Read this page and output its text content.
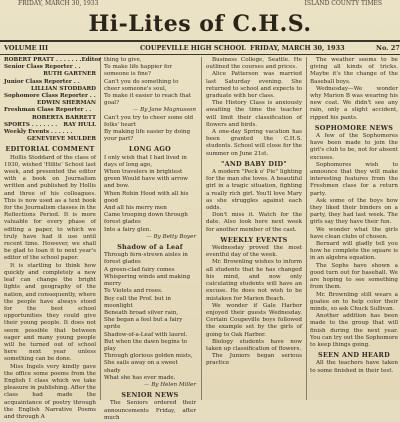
FRIDAY, MARCH 30, 1933	ISLAND COUNTY TIMES
Hi-Lites of C.H.S.
VOLUME III	COUPEVILLE HIGH SCHOOL FRIDAY, MARCH 30, 1933	No. 27
ROBERT PRATT . . . . . . . Editor
Senior Class Reporter . .
RUTH GARTNER
Junior Class Reporter . .
LILLIAN STODDARD
Sophomore Class Reporter . .
EDWIN SHERMAN
Freshman Class Reporter . .
ROBERTA BARRETT
SPORTS . . . . . . . RAY HULL
Weekly Events . . . . . .
GENEVIEVE MULDER
EDITORIAL COMMENT

Hollis Stoddard of the class of 1930, wished 'Hilite' School last week, and presented the editor with a book on Journalism written and published by Hollis and three of his colleagues. This is now used as a text book for the Journalism classes in the Reflections Period. It is more valuable for every phase of editing a paper, to which we truly have had it use until recent time. However, we shall be glad to loan it to next year's editor of the school paper.

It is startling to think how quickly and completely a new leaf can change the bright lights and geography of the nation, and consequently, where the people have always stood for the best school opportunities they could give their young people. It does not seem possible that between eager and many young people will be turned out of school here next year unless something can be done.

Miss Ingels very kindly gave the office some poems from the English I class which we take pleasure in publishing. After the class had made the acquaintance of poetry through the English Narrative Poems and through A

thing to give,

To make life happier for someone is fine?

Can't you do something to cheer someone's soul,

To make it easier to reach that goal?

— By Jane Magnusson

Can't you try to cheer some old folks' heart

By making life easier by doing your part?

LONG AGO

I only wish that I had lived in days of long ago,

When travelers in brightest green Would have with arrow and bow.

When Robin Hood with all his good

And all his merry men

Came trooping down through forest glades

Into a fairy glen.

— By Betty Boyer
Shadow of a Leaf

Through fern-strewn aisles in forest glades

A green-clad fairy comes

Whispering winds and making merry

To Violets and roses.

Boy call the Prof. but in moonlight

Beneath broad silver rain,

She began a feel but a fairy sprite

Shadow-of-a-Leaf with laurel.

But when the dawn begins to play

Through glorious golden mists,

She sails away on a sweet shady

What she has ever made.

— By Helen Miller
SENIOR NEWS

The Seniors ordered their announcements Friday, after much

Business College, Seattle. He outlined the courses and prices.

Alice Patterson was married last Saturday evening. She returned to school and expects to graduate with her class.

The History Class is anxiously awaiting the time the teacher will limit their classification of flowers and birds.

A one-day Spring vacation has been granted the C.H.S. students. School will close for the summer on June 21st.

"AND BABY DID"

A modern "Peck o' Pie" lighting for the man she loves. A beautiful girl in a tragic situation, fighting a really rich girl. You'll love Mary as she struggles against each odds.

Don't miss it. Watch for the date. Also look here next week for another member of the cast.

WEEKLY EVENTS

Wednesday proved the most eventful day of the week.

Mr. Brownling wishes to inform all students that he has changed his mind, and now only calculating students will have an excuse. He does not wish to be mistaken for Marion Beach.

We wonder if Gale Harbor enjoyed their guests Wednesday. Certain Coupeville boys followed the example set by the girls of going to Oak Harbor.

Biology students have now taken up classification of flowers.

The Juniors began serious practice

The weather seems to be giving all kinds of tricks. Maybe it's the change of the Baseball boys.

Wednesday—We wonder why Marion B was wearing his new coat. We didn't see any rain, only a slight accident, ripped his pants.

SOPHOMORE NEWS

A few of the Sophomores have been made to join the girl's club to be, not for absent excuses.

Sophomores wish to announce that they will make interesting features from the Freshmen class for a return party.

Ask some of the boys how they liked their binders on a party, they had last week. The girls say they have their fun.

We wonder what the girls have clean clubs of chosen.

Bernard will gladly tell you how he complete the square is in an algebra equation.

The Sophs have shown a good turn out for baseball. We are hoping to see something from them.

Mr. Brownling still wears a goatee on to help color their minds, so ask Chuck Sullivan.

Another addition has been made to the group that will finish during the next year. You can try out the Sophomore to keep things going.

SEEN AND HEARD

All the teachers have taken to some finished in their test.
